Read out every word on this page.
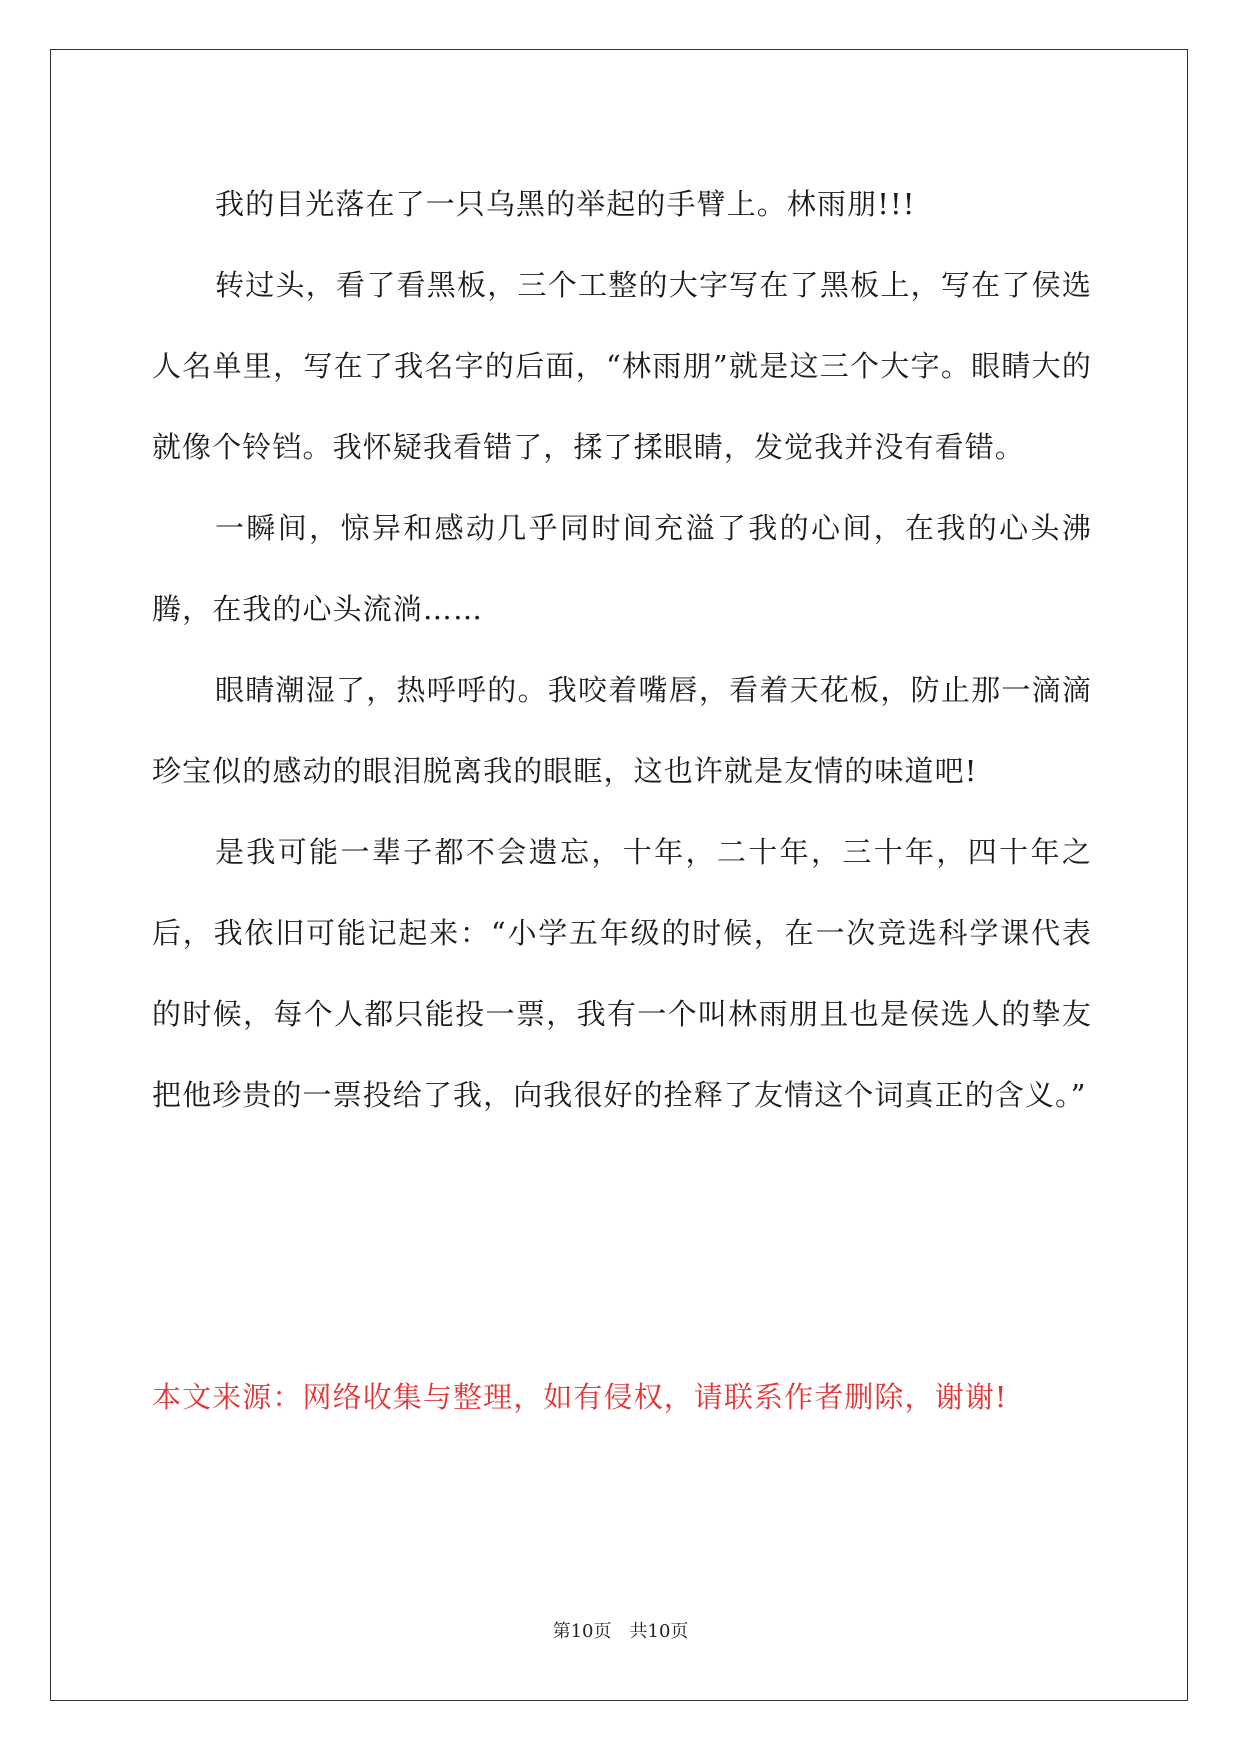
我的目光落在了一只乌黑的举起的手臂上。林雨朋!!!

转过头，看了看黑板，三个工整的大字写在了黑板上，写在了侯选人名单里，写在了我名字的后面，“林雨朋”就是这三个大字。眼睛大的就像个铃铛。我怀疑我看错了，揉了揉眼睛，发觉我并没有看错。

一瞬间，惊异和感动几乎同时间充溢了我的心间，在我的心头沸腾，在我的心头流淌……

眼睛潮湿了，热呼呼的。我咬着嘴唇，看着天花板，防止那一滴滴珍宝似的感动的眼泪脱离我的眼眶，这也许就是友情的味道吧!

是我可能一辈子都不会遗忘，十年，二十年，三十年，四十年之后，我依旧可能记起来：“小学五年级的时候，在一次竞选科学课代表的时候，每个人都只能投一票，我有一个叫林雨朋且也是侯选人的挚友把他珍贵的一票投给了我，向我很好的拴释了友情这个词真正的含义。”

本文来源：网络收集与整理，如有侵权，请联系作者删除，谢谢!

第10页 共10页
